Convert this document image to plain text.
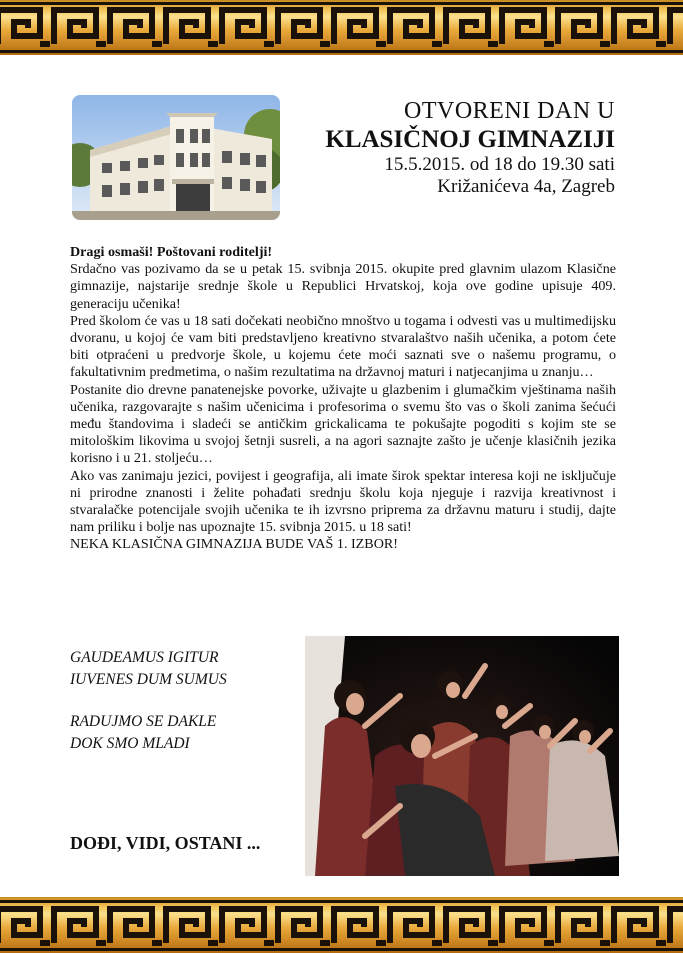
OTVORENI DAN U
KLASIČNOJ GIMNAZIJI
15.5.2015. od 18 do 19.30 sati
Križanićeva 4a, Zagreb

Dragi osmaši! Poštovani roditelji!

Srdačno vas pozivamo da se u petak 15. svibnja 2015. okupite pred glavnim ulazom Klasične gimnazije, najstarije srednje škole u Republici Hrvatskoj, koja ove godine upisuje 409. generaciju učenika!

Pred školom će vas u 18 sati dočekati neobično mnoštvo u togama i odvesti vas u multimedijsku dvoranu, u kojoj će vam biti predstavljeno kreativno stvaralaštvo naših učenika, a potom ćete biti otpraćeni u predvorje škole, u kojemu ćete moći saznati sve o našemu programu, o fakultativnim predmetima, o našim rezultatima na državnoj maturi i natjecanjima u znanju…

Postanite dio drevne panatenejske povorke, uživajte u glazbenim i glumačkim vještinama naših učenika, razgovarajte s našim učenicima i profesorima o svemu što vas o školi zanima šećući među štandovima i sladeći se antičkim grickalicama te pokušajte pogoditi s kojim ste se mitološkim likovima u svojoj šetnji susreli, a na agori saznajte zašto je učenje klasičnih jezika korisno i u 21. stoljeću…

Ako vas zanimaju jezici, povijest i geografija, ali imate širok spektar interesa koji ne isključuje ni prirodne znanosti i želite pohađati srednju školu koja njeguje i razvija kreativnost i stvaralačke potencijale svojih učenika te ih izvrsno priprema za državnu maturu i studij, dajte nam priliku i bolje nas upoznajte 15. svibnja 2015. u 18 sati!

NEKA KLASIČNA GIMNAZIJA BUDE VAŠ 1. IZBOR!

GAUDEAMUS IGITUR
IUVENES DUM SUMUS
RADUJMO SE DAKLE
DOK SMO MLADI
DOĐI, VIDI, OSTANI ...
